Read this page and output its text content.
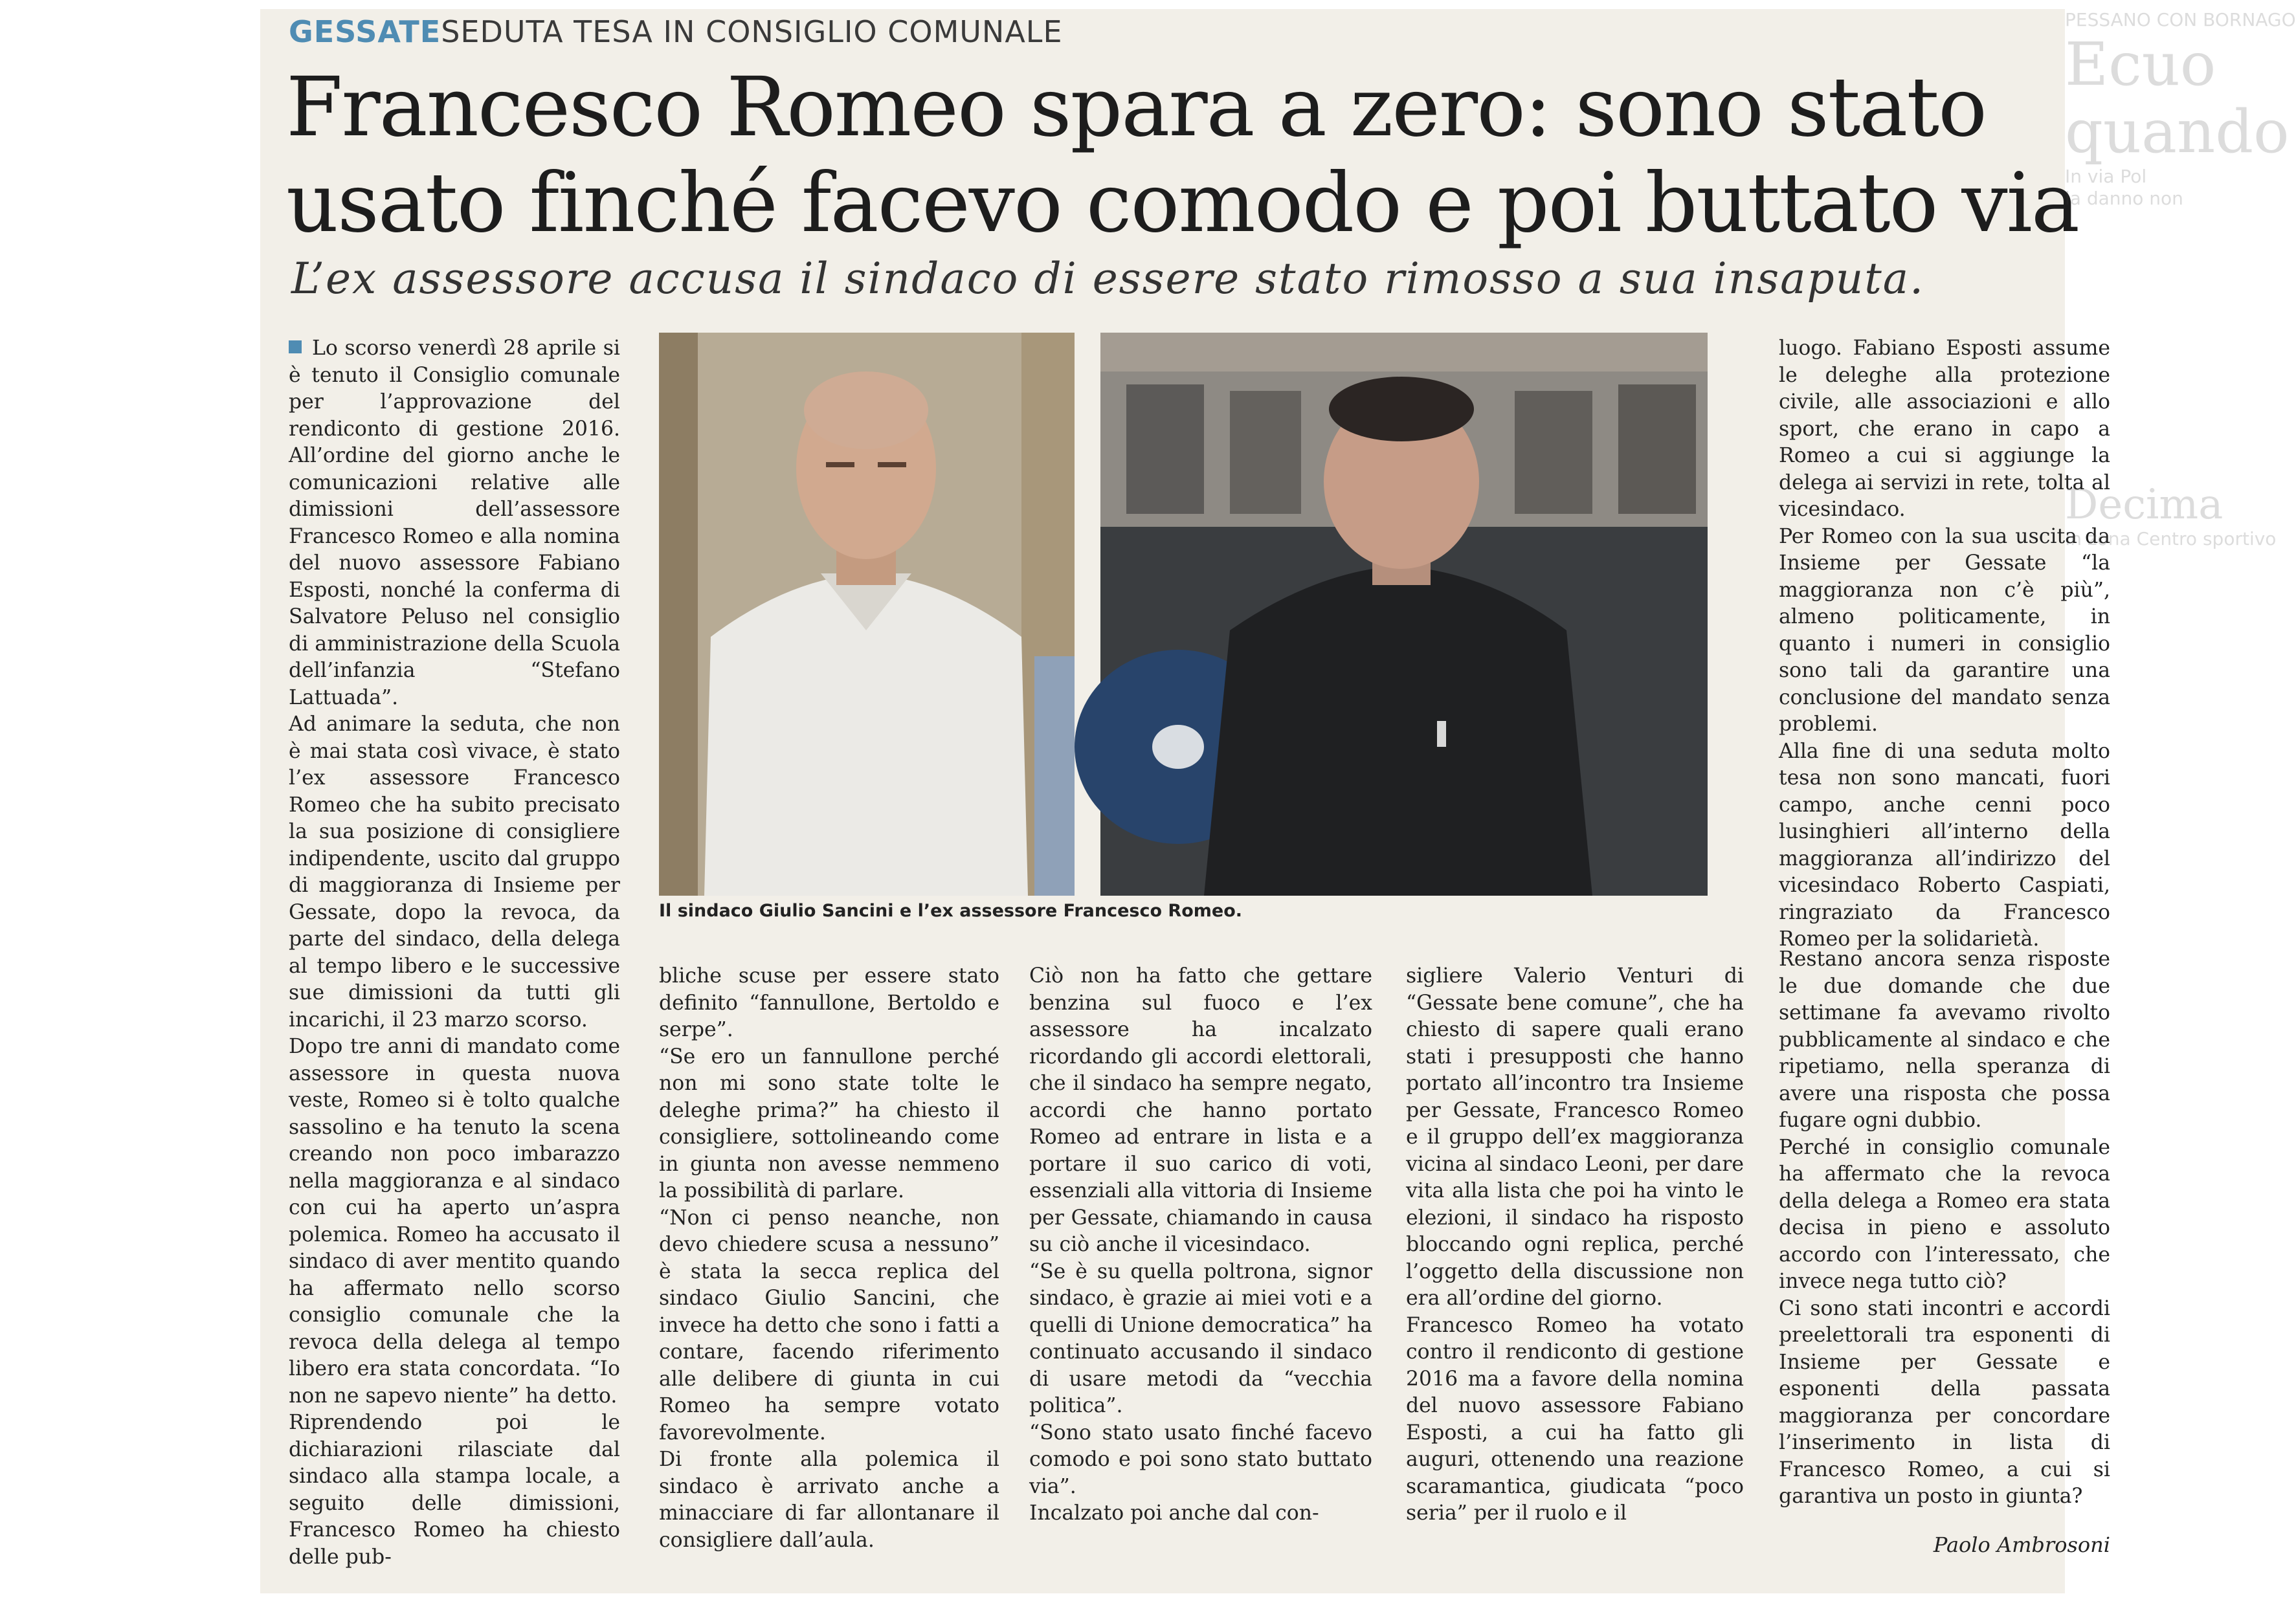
GESSATESEDUTA TESA IN CONSIGLIO COMUNALE
Francesco Romeo spara a zero: sono stato
usato finché facevo comodo e poi buttato via
L’ex assessore accusa il sindaco di essere stato rimosso a sua insaputa.

Lo scorso venerdì 28 aprile si è tenuto il Consiglio comunale per l’approvazione del rendiconto di gestione 2016. All’ordine del giorno anche le comunicazioni relative alle dimissioni dell’assessore Francesco Romeo e alla nomina del nuovo assessore Fabiano Esposti, nonché la conferma di Salvatore Peluso nel consiglio di amministrazione della Scuola dell’infanzia “Stefano Lattuada”.

Ad animare la seduta, che non è mai stata così vivace, è stato l’ex assessore Francesco Romeo che ha subito precisato la sua posizione di consigliere indipendente, uscito dal gruppo di maggioranza di Insieme per Gessate, dopo la revoca, da parte del sindaco, della delega al tempo libero e le successive sue dimissioni da tutti gli incarichi, il 23 marzo scorso.

Dopo tre anni di mandato come assessore in questa nuova veste, Romeo si è tolto qualche sassolino e ha tenuto la scena creando non poco imbarazzo nella maggioranza e al sindaco con cui ha aperto un’aspra polemica. Romeo ha accusato il sindaco di aver mentito quando ha affermato nello scorso consiglio comunale che la revoca della delega al tempo libero era stata concordata. “Io non ne sapevo niente” ha detto.

Riprendendo poi le dichiarazioni rilasciate dal sindaco alla stampa locale, a seguito delle dimissioni, Francesco Romeo ha chiesto delle pub-

Il sindaco Giulio Sancini e l’ex assessore Francesco Romeo.

bliche scuse per essere stato definito “fannullone, Bertoldo e serpe”.

“Se ero un fannullone perché non mi sono state tolte le deleghe prima?” ha chiesto il consigliere, sottolineando come in giunta non avesse nemmeno la possibilità di parlare.

“Non ci penso neanche, non devo chiedere scusa a nessuno” è stata la secca replica del sindaco Giulio Sancini, che invece ha detto che sono i fatti a contare, facendo riferimento alle delibere di giunta in cui Romeo ha sempre votato favorevolmente.

Di fronte alla polemica il sindaco è arrivato anche a minacciare di far allontanare il consigliere dall’aula.

Ciò non ha fatto che gettare benzina sul fuoco e l’ex assessore ha incalzato ricordando gli accordi elettorali, che il sindaco ha sempre negato, accordi che hanno portato Romeo ad entrare in lista e a portare il suo carico di voti, essenziali alla vittoria di Insieme per Gessate, chiamando in causa su ciò anche il vicesindaco.

“Se è su quella poltrona, signor sindaco, è grazie ai miei voti e a quelli di Unione democratica” ha continuato accusando il sindaco di usare metodi da “vecchia politica”.

“Sono stato usato finché facevo comodo e poi sono stato buttato via”.

Incalzato poi anche dal con-

sigliere Valerio Venturi di “Gessate bene comune”, che ha chiesto di sapere quali erano stati i presupposti che hanno portato all’incontro tra Insieme per Gessate, Francesco Romeo e il gruppo dell’ex maggioranza vicina al sindaco Leoni, per dare vita alla lista che poi ha vinto le elezioni, il sindaco ha risposto bloccando ogni replica, perché l’oggetto della discussione non era all’ordine del giorno.

Francesco Romeo ha votato contro il rendiconto di gestione 2016 ma a favore della nomina del nuovo assessore Fabiano Esposti, a cui ha fatto gli auguri, ottenendo una reazione scaramantica, giudicata “poco seria” per il ruolo e il

luogo. Fabiano Esposti assume le deleghe alla protezione civile, alle associazioni e allo sport, che erano in capo a Romeo a cui si aggiunge la delega ai servizi in rete, tolta al vicesindaco.

Per Romeo con la sua uscita da Insieme per Gessate “la maggioranza non c’è più”, almeno politicamente, in quanto i numeri in consiglio sono tali da garantire una conclusione del mandato senza problemi.

Alla fine di una seduta molto tesa non sono mancati, fuori campo, anche cenni poco lusinghieri all’interno della maggioranza all’indirizzo del vicesindaco Roberto Caspiati, ringraziato da Francesco Romeo per la solidarietà.

Restano ancora senza risposte le due domande che due settimane fa avevamo rivolto pubblicamente al sindaco e che ripetiamo, nella speranza di avere una risposta che possa fugare ogni dubbio.

Perché in consiglio comunale ha affermato che la revoca della delega a Romeo era stata decisa in pieno e assoluto accordo con l’interessato, che invece nega tutto ciò?

Ci sono stati incontri e accordi preelettorali tra esponenti di Insieme per Gessate e esponenti della passata maggioranza per concordare l’inserimento in lista di Francesco Romeo, a cui si garantiva un posto in giunta?

Paolo Ambrosoni
PESSANO CON BORNAGO
Ecuo
quando
In via Pol
la danno non
Decima
In zona Centro sportivo
